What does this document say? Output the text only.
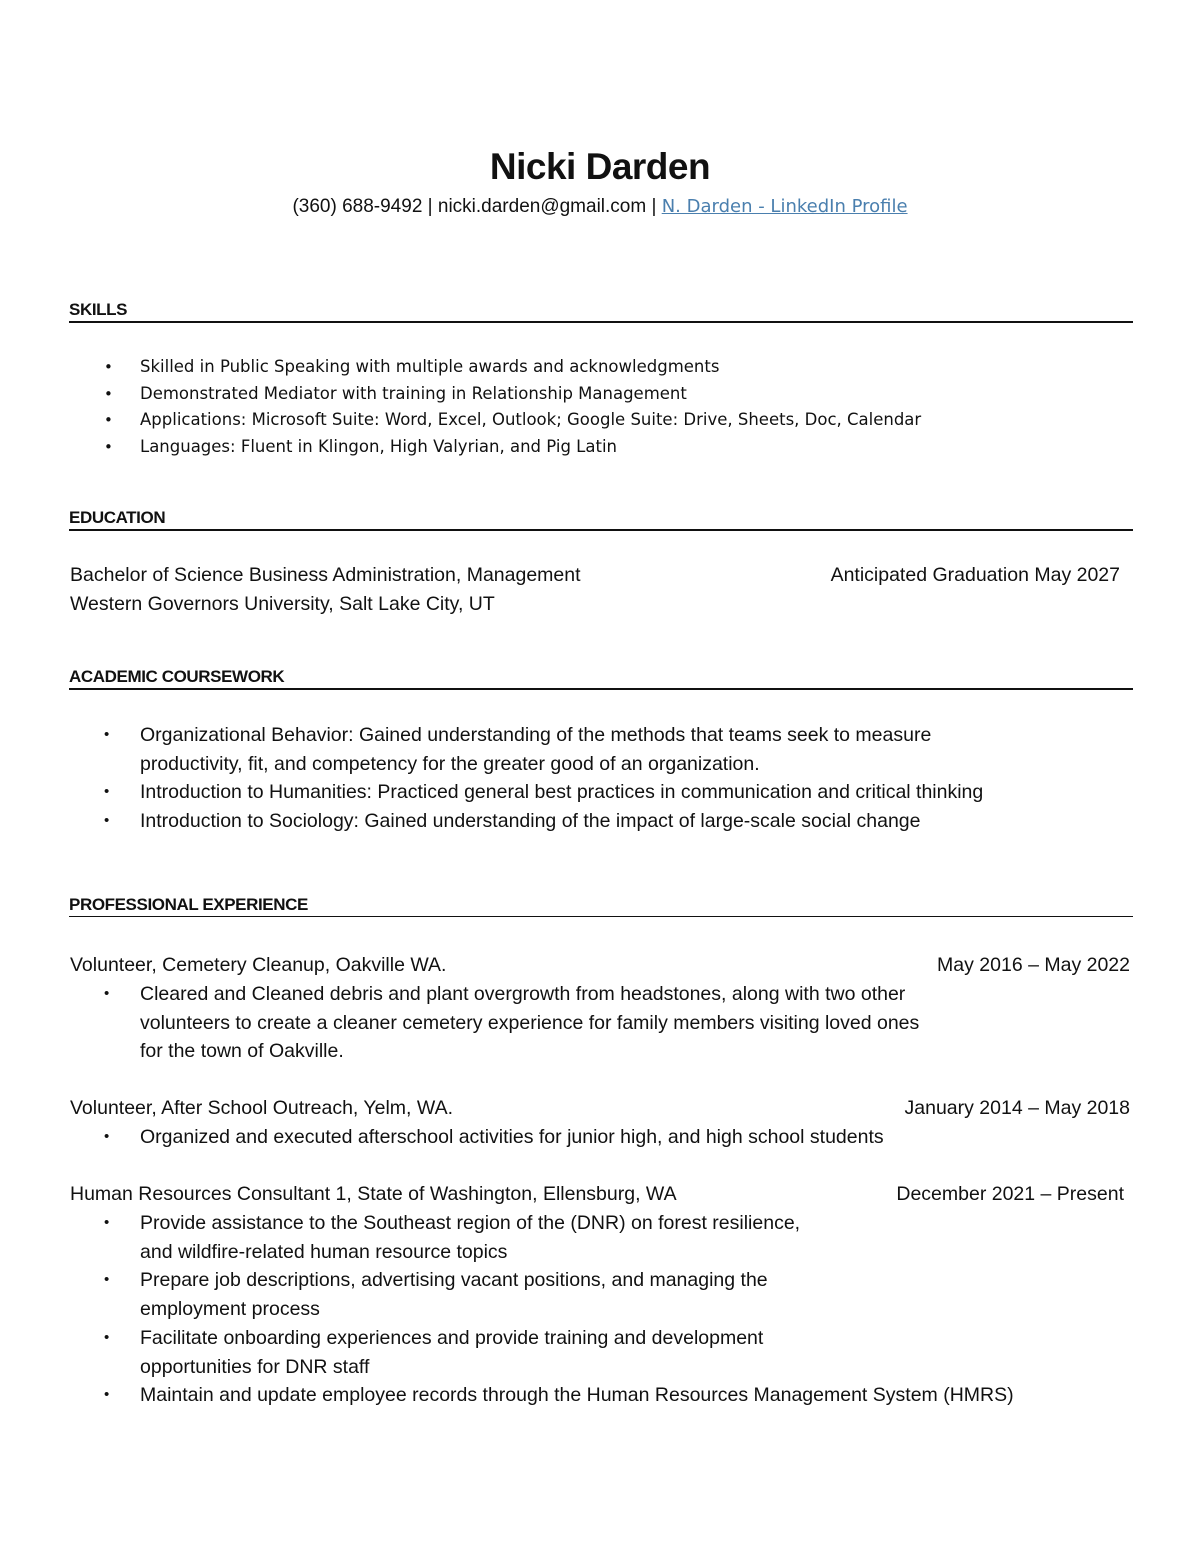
Nicki Darden
(360) 688-9492 | nicki.darden@gmail.com | N. Darden - LinkedIn Profile
SKILLS
• Skilled in Public Speaking with multiple awards and acknowledgments
• Demonstrated Mediator with training in Relationship Management
• Applications: Microsoft Suite: Word, Excel, Outlook; Google Suite: Drive, Sheets, Doc, Calendar
• Languages: Fluent in Klingon, High Valyrian, and Pig Latin
EDUCATION
Bachelor of Science Business Administration, Management	Anticipated Graduation May 2027
Western Governors University, Salt Lake City, UT
ACADEMIC COURSEWORK
• Organizational Behavior: Gained understanding of the methods that teams seek to measure
productivity, fit, and competency for the greater good of an organization.
• Introduction to Humanities: Practiced general best practices in communication and critical thinking
• Introduction to Sociology: Gained understanding of the impact of large-scale social change
PROFESSIONAL EXPERIENCE
Volunteer, Cemetery Cleanup, Oakville WA.	May 2016 – May 2022
• Cleared and Cleaned debris and plant overgrowth from headstones, along with two other
volunteers to create a cleaner cemetery experience for family members visiting loved ones
for the town of Oakville.
Volunteer, After School Outreach, Yelm, WA.	January 2014 – May 2018
• Organized and executed afterschool activities for junior high, and high school students
Human Resources Consultant 1, State of Washington, Ellensburg, WA	December 2021 – Present
• Provide assistance to the Southeast region of the (DNR) on forest resilience,
and wildfire-related human resource topics
• Prepare job descriptions, advertising vacant positions, and managing the
employment process
• Facilitate onboarding experiences and provide training and development
opportunities for DNR staff
• Maintain and update employee records through the Human Resources Management System (HMRS)
